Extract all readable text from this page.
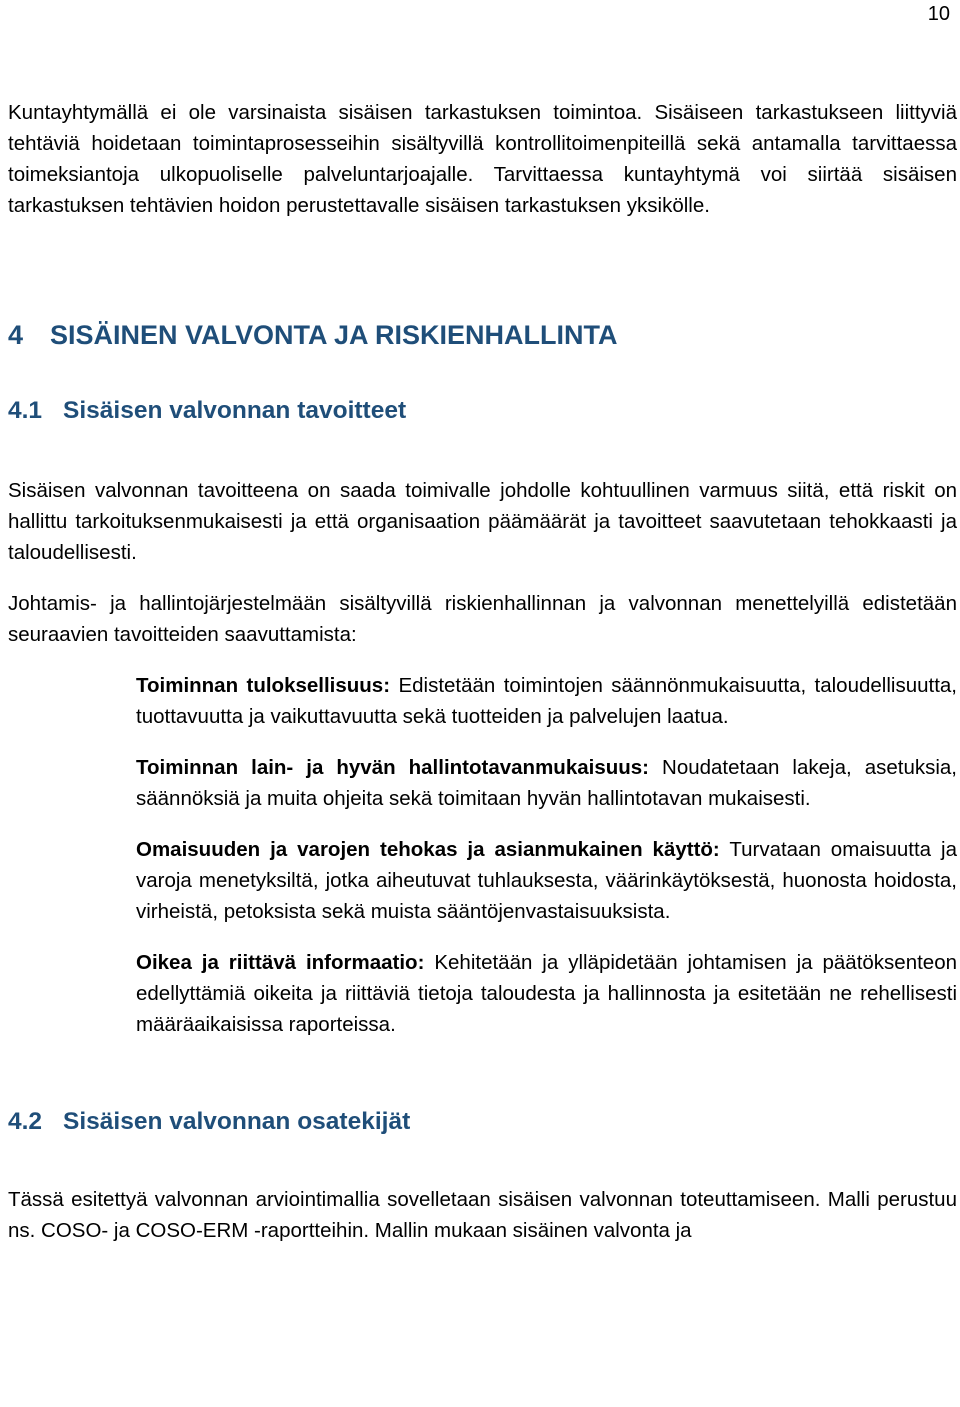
10

Kuntayhtymällä ei ole varsinaista sisäisen tarkastuksen toimintoa. Sisäiseen tarkastukseen liittyviä tehtäviä hoidetaan toimintaprosesseihin sisältyvillä kontrollitoimenpiteillä sekä antamalla tarvittaessa toimeksiantoja ulkopuoliselle palveluntarjoajalle. Tarvittaessa kuntayhtymä voi siirtää sisäisen tarkastuksen tehtävien hoidon perustettavalle sisäisen tarkastuksen yksikölle.

4 SISÄINEN VALVONTA JA RISKIENHALLINTA
4.1 Sisäisen valvonnan tavoitteet

Sisäisen valvonnan tavoitteena on saada toimivalle johdolle kohtuullinen varmuus siitä, että riskit on hallittu tarkoituksenmukaisesti ja että organisaation päämäärät ja tavoitteet saavutetaan tehokkaasti ja taloudellisesti.

Johtamis- ja hallintojärjestelmään sisältyvillä riskienhallinnan ja valvonnan menettelyillä edistetään seuraavien tavoitteiden saavuttamista:

Toiminnan tuloksellisuus: Edistetään toimintojen säännönmukaisuutta, taloudellisuutta, tuottavuutta ja vaikuttavuutta sekä tuotteiden ja palvelujen laatua.

Toiminnan lain- ja hyvän hallintotavanmukaisuus: Noudatetaan lakeja, asetuksia, säännöksiä ja muita ohjeita sekä toimitaan hyvän hallintotavan mukaisesti.

Omaisuuden ja varojen tehokas ja asianmukainen käyttö: Turvataan omaisuutta ja varoja menetyksiltä, jotka aiheutuvat tuhlauksesta, väärinkäytöksestä, huonosta hoidosta, virheistä, petoksista sekä muista sääntöjenvastaisuuksista.

Oikea ja riittävä informaatio: Kehitetään ja ylläpidetään johtamisen ja päätöksenteon edellyttämiä oikeita ja riittäviä tietoja taloudesta ja hallinnosta ja esitetään ne rehellisesti määräaikaisissa raporteissa.

4.2 Sisäisen valvonnan osatekijät

Tässä esitettyä valvonnan arviointimallia sovelletaan sisäisen valvonnan toteuttamiseen. Malli perustuu ns. COSO- ja COSO-ERM -raportteihin. Mallin mukaan sisäinen valvonta ja
